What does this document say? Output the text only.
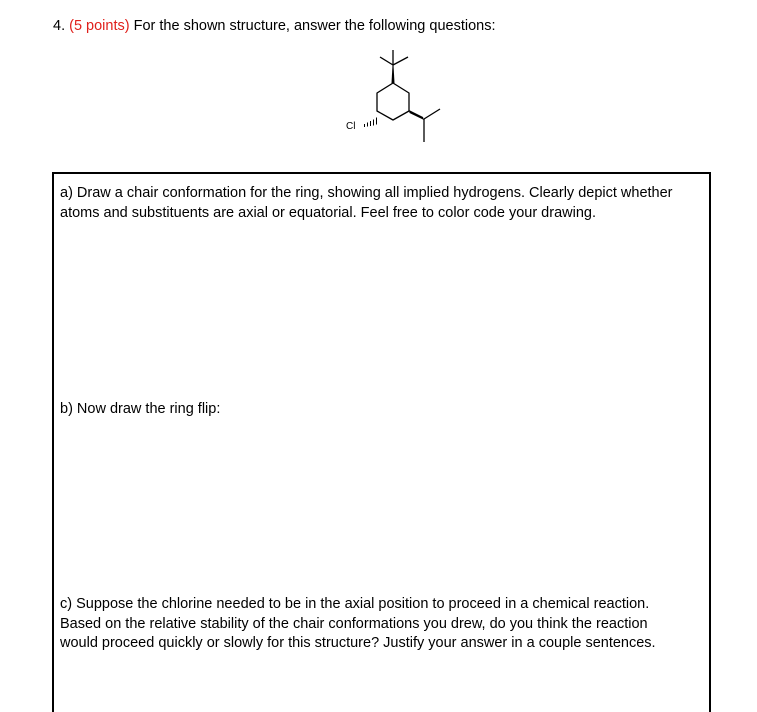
4. (5 points) For the shown structure, answer the following questions:
Cl
a) Draw a chair conformation for the ring, showing all implied hydrogens. Clearly depict whether
atoms and substituents are axial or equatorial. Feel free to color code your drawing.
b) Now draw the ring flip:
c) Suppose the chlorine needed to be in the axial position to proceed in a chemical reaction.
Based on the relative stability of the chair conformations you drew, do you think the reaction
would proceed quickly or slowly for this structure? Justify your answer in a couple sentences.
